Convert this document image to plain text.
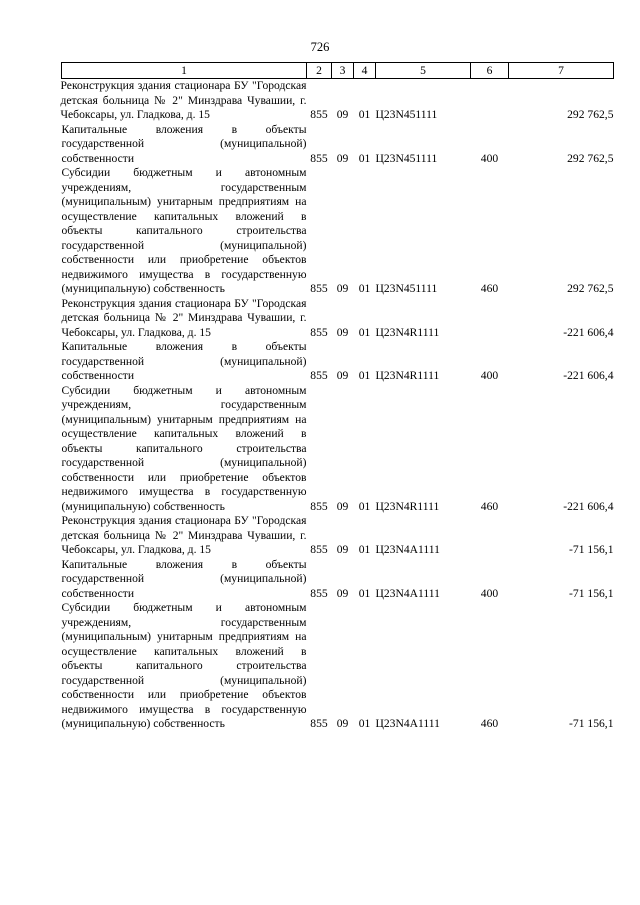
726
1	2	3	4	5	6	7

Реконструкция здания стационара БУ "Городская детская больница № 2" Минздрава Чувашии, г. Чебоксары, ул. Гладкова, д. 15	855	09	01	Ц23N451111		292 762,5
Капитальные вложения в объекты государственной (муниципальной) собственности	855	09	01	Ц23N451111	400	292 762,5
Субсидии бюджетным и автономным учреждениям, государственным (муниципальным) унитарным предприятиям на осуществление капитальных вложений в объекты капитального строительства государственной (муниципальной) собственности или приобретение объектов недвижимого имущества в государственную (муниципальную) собственность	855	09	01	Ц23N451111	460	292 762,5
Реконструкция здания стационара БУ "Городская детская больница № 2" Минздрава Чувашии, г. Чебоксары, ул. Гладкова, д. 15	855	09	01	Ц23N4R1111		-221 606,4
Капитальные вложения в объекты государственной (муниципальной) собственности	855	09	01	Ц23N4R1111	400	-221 606,4
Субсидии бюджетным и автономным учреждениям, государственным (муниципальным) унитарным предприятиям на осуществление капитальных вложений в объекты капитального строительства государственной (муниципальной) собственности или приобретение объектов недвижимого имущества в государственную (муниципальную) собственность	855	09	01	Ц23N4R1111	460	-221 606,4
Реконструкция здания стационара БУ "Городская детская больница № 2" Минздрава Чувашии, г. Чебоксары, ул. Гладкова, д. 15	855	09	01	Ц23N4А1111		-71 156,1
Капитальные вложения в объекты государственной (муниципальной) собственности	855	09	01	Ц23N4А1111	400	-71 156,1
Субсидии бюджетным и автономным учреждениям, государственным (муниципальным) унитарным предприятиям на осуществление капитальных вложений в объекты капитального строительства государственной (муниципальной) собственности или приобретение объектов недвижимого имущества в государственную (муниципальную) собственность	855	09	01	Ц23N4А1111	460	-71 156,1
